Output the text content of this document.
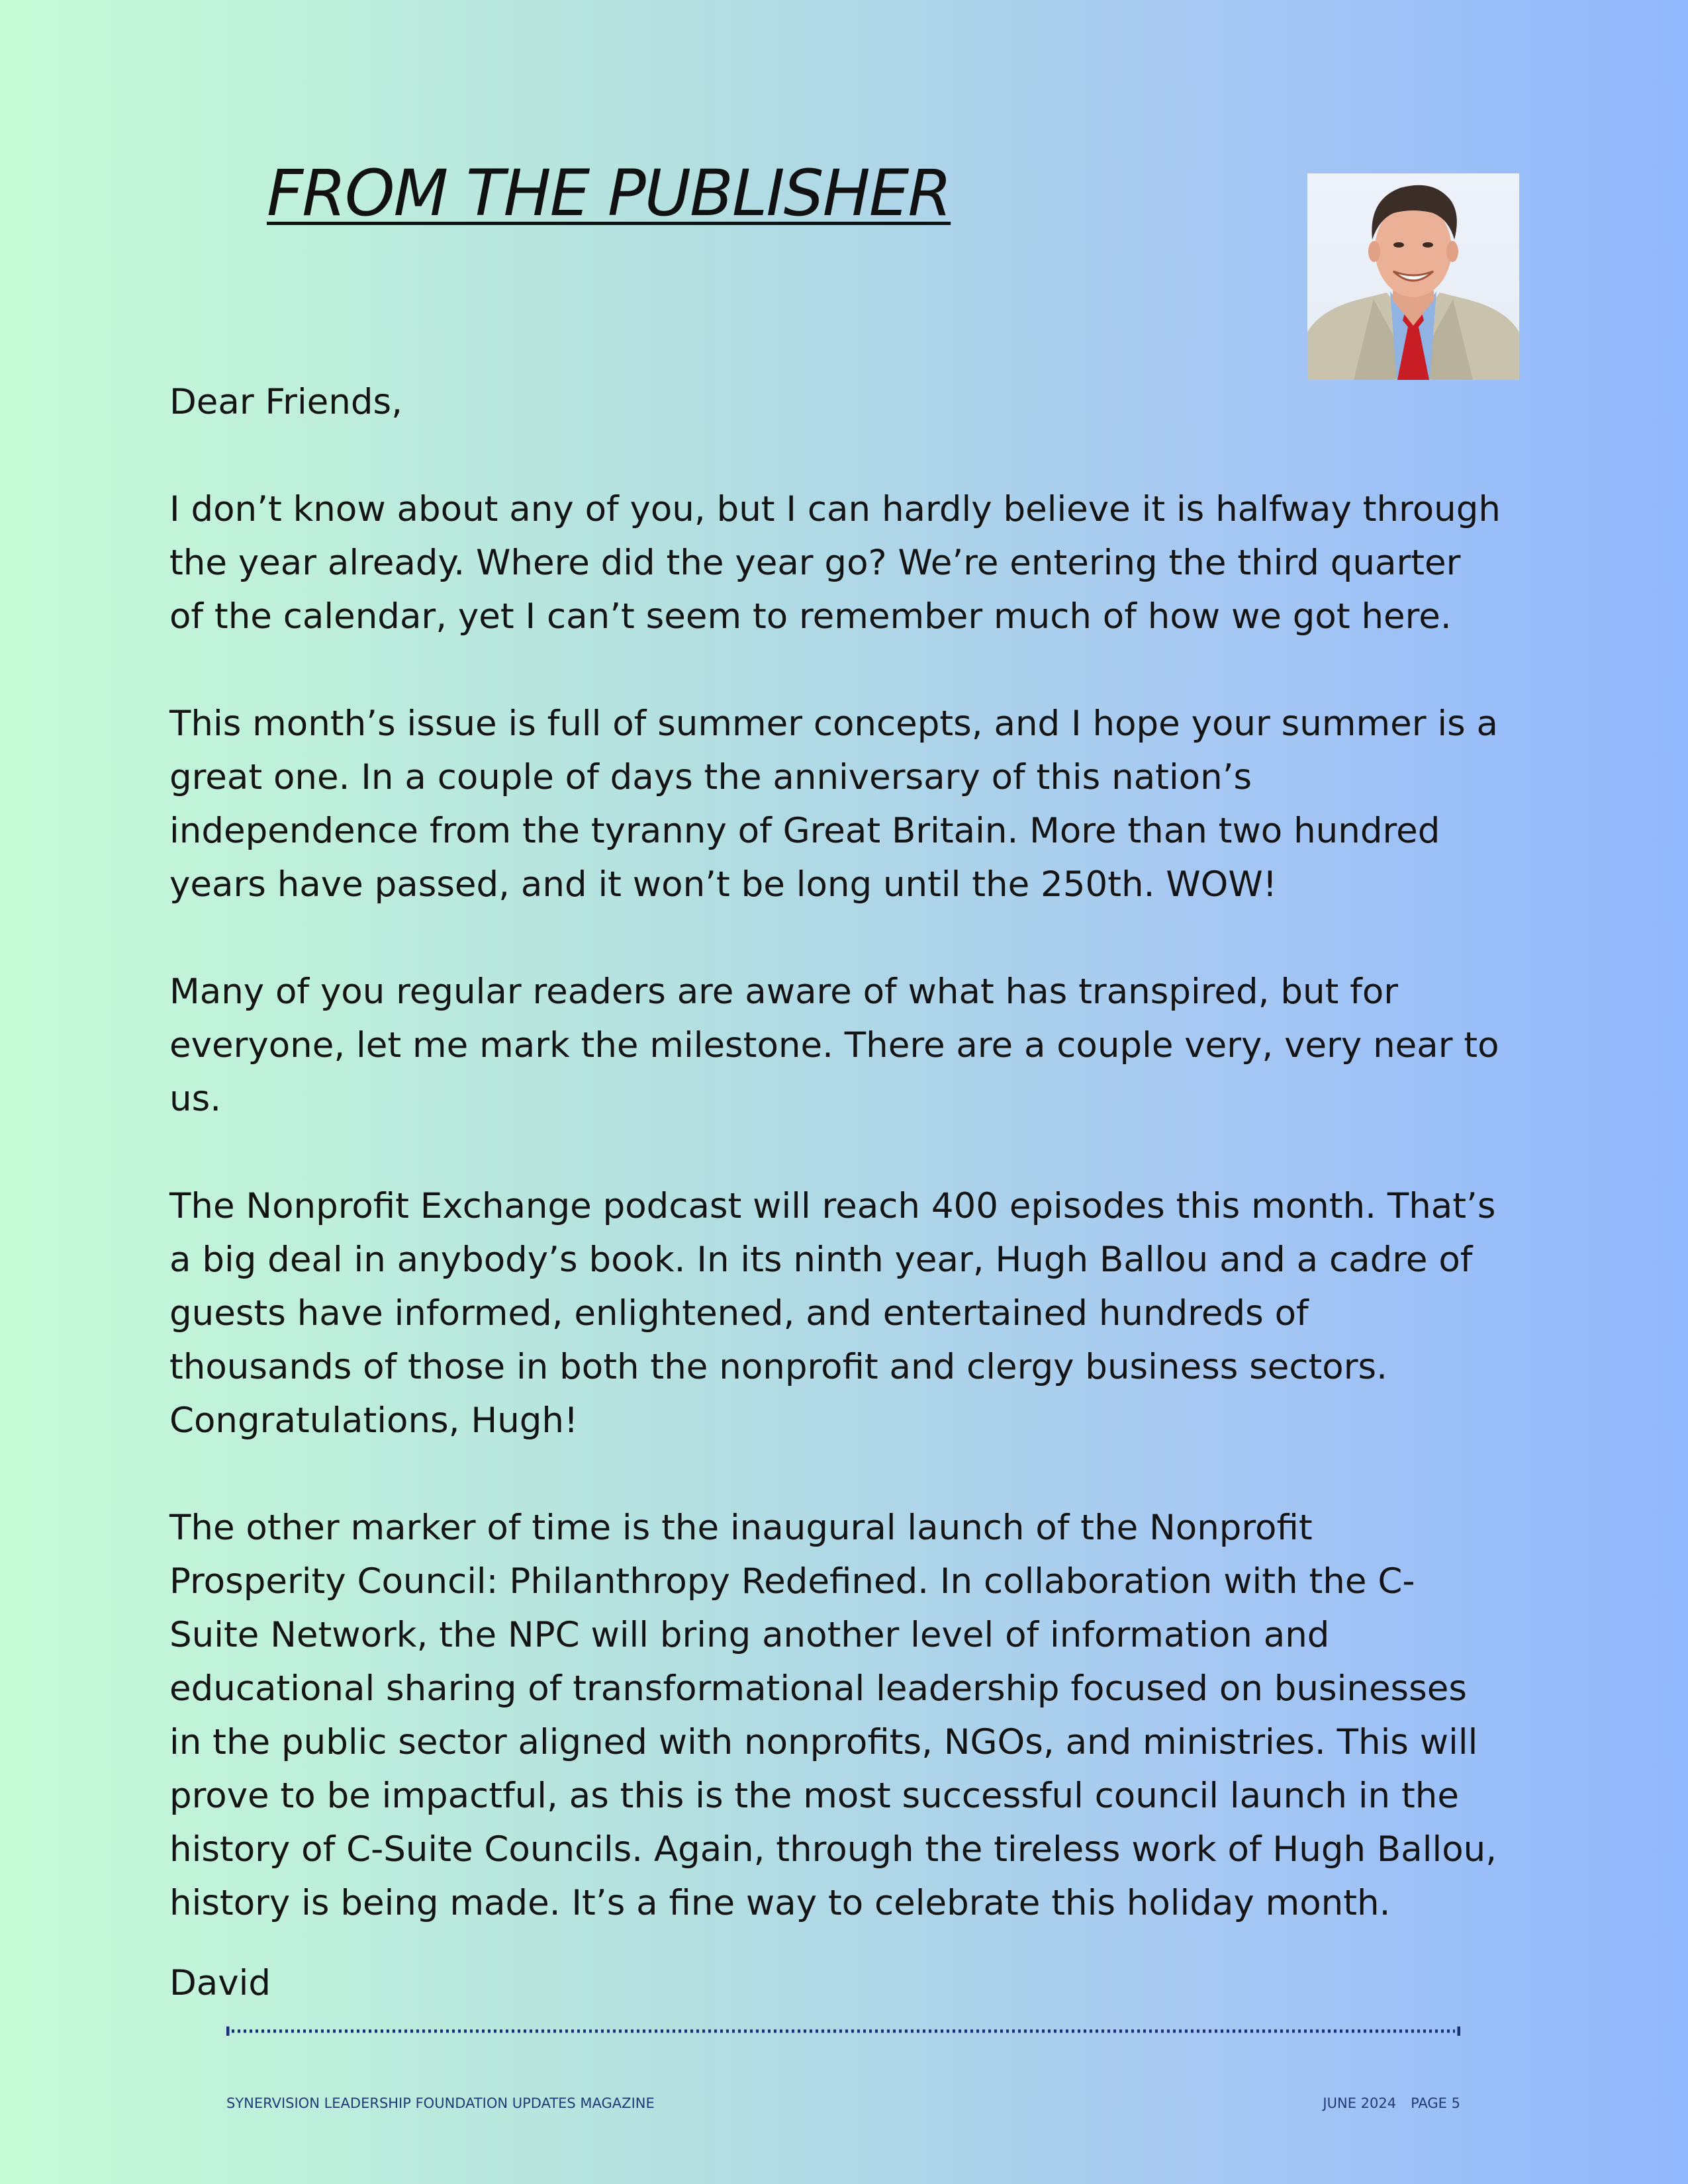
FROM THE PUBLISHER

Dear Friends,

I don’t know about any of you, but I can hardly believe it is halfway through
the year already. Where did the year go? We’re entering the third quarter
of the calendar, yet I can’t seem to remember much of how we got here.

This month’s issue is full of summer concepts, and I hope your summer is a
great one. In a couple of days the anniversary of this nation’s
independence from the tyranny of Great Britain. More than two hundred
years have passed, and it won’t be long until the 250th. WOW!

Many of you regular readers are aware of what has transpired, but for
everyone, let me mark the milestone. There are a couple very, very near to
us.

The Nonprofit Exchange podcast will reach 400 episodes this month. That’s
a big deal in anybody’s book. In its ninth year, Hugh Ballou and a cadre of
guests have informed, enlightened, and entertained hundreds of
thousands of those in both the nonprofit and clergy business sectors.
Congratulations, Hugh!

The other marker of time is the inaugural launch of the Nonprofit
Prosperity Council: Philanthropy Redefined. In collaboration with the C-
Suite Network, the NPC will bring another level of information and
educational sharing of transformational leadership focused on businesses
in the public sector aligned with nonprofits, NGOs, and ministries. This will
prove to be impactful, as this is the most successful council launch in the
history of C-Suite Councils. Again, through the tireless work of Hugh Ballou,
history is being made. It’s a fine way to celebrate this holiday month.

David

SYNERVISION LEADERSHIP FOUNDATION UPDATES MAGAZINE	JUNE 2024 PAGE 5
